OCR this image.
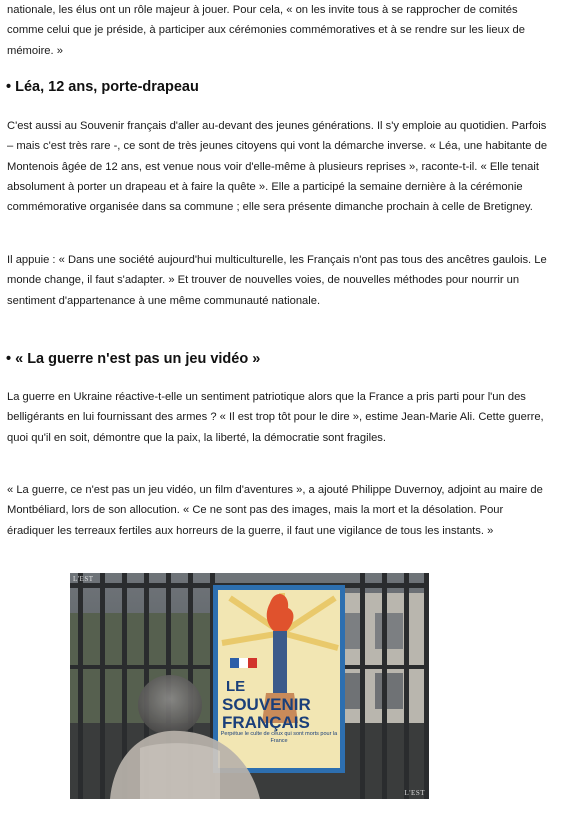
nationale, les élus ont un rôle majeur à jouer. Pour cela, « on les invite tous à se rapprocher de comités comme celui que je préside, à participer aux cérémonies commémoratives et à se rendre sur les lieux de mémoire. »

• Léa, 12 ans, porte-drapeau

C'est aussi au Souvenir français d'aller au-devant des jeunes générations. Il s'y emploie au quotidien. Parfois – mais c'est très rare -, ce sont de très jeunes citoyens qui vont la démarche inverse. « Léa, une habitante de Montenois âgée de 12 ans, est venue nous voir d'elle-même à plusieurs reprises », raconte-t-il. « Elle tenait absolument à porter un drapeau et à faire la quête ». Elle a participé la semaine dernière à la cérémonie commémorative organisée dans sa commune ; elle sera présente dimanche prochain à celle de Bretigney.

Il appuie : « Dans une société aujourd'hui multiculturelle, les Français n'ont pas tous des ancêtres gaulois. Le monde change, il faut s'adapter. » Et trouver de nouvelles voies, de nouvelles méthodes pour nourrir un sentiment d'appartenance à une même communauté nationale.

• « La guerre n'est pas un jeu vidéo »

La guerre en Ukraine réactive-t-elle un sentiment patriotique alors que la France a pris parti pour l'un des belligérants en lui fournissant des armes ? « Il est trop tôt pour le dire », estime Jean-Marie Ali. Cette guerre, quoi qu'il en soit, démontre que la paix, la liberté, la démocratie sont fragiles.

« La guerre, ce n'est pas un jeu vidéo, un film d'aventures », a ajouté Philippe Duvernoy, adjoint au maire de Montbéliard, lors de son allocution. « Ce ne sont pas des images, mais la mort et la désolation. Pour éradiquer les terreaux fertiles aux horreurs de la guerre, il faut une vigilance de tous les instants. »

LE
SOUVENIR
FRANÇAIS
Perpétue le culte de ceux qui sont morts pour la France
L'EST
L'EST
